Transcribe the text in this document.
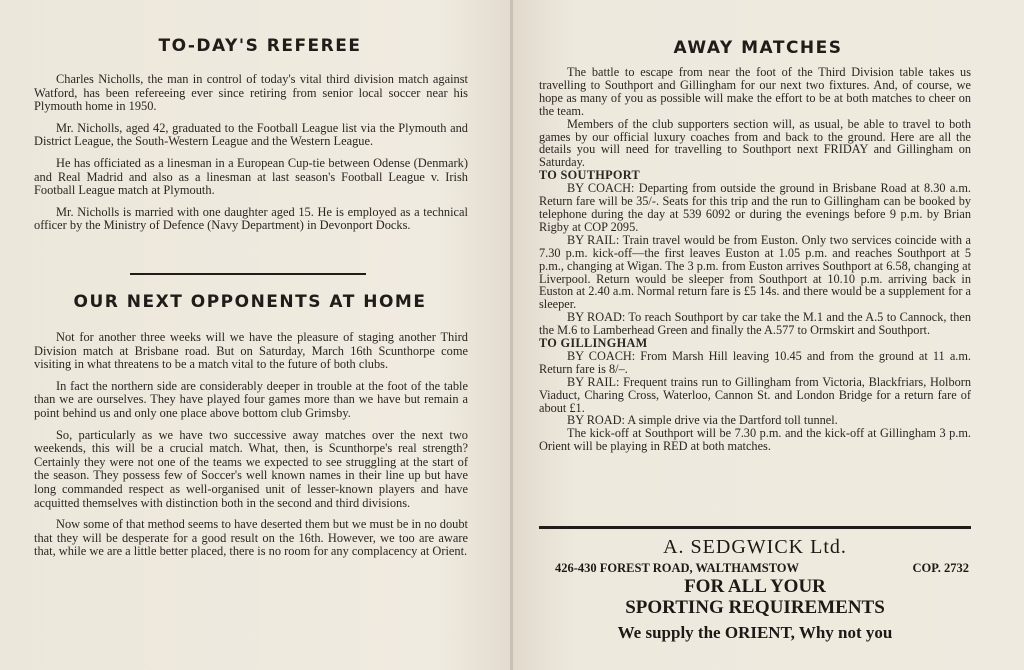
TO-DAY'S REFEREE

Charles Nicholls, the man in control of today's vital third division match against Watford, has been refereeing ever since retiring from senior local soccer near his Plymouth home in 1950.

Mr. Nicholls, aged 42, graduated to the Football League list via the Plymouth and District League, the South-Western League and the Western League.

He has officiated as a linesman in a European Cup-tie between Odense (Denmark) and Real Madrid and also as a linesman at last season's Football League v. Irish Football League match at Plymouth.

Mr. Nicholls is married with one daughter aged 15. He is employed as a technical officer by the Ministry of Defence (Navy Department) in Devonport Docks.

OUR NEXT OPPONENTS AT HOME

Not for another three weeks will we have the pleasure of staging another Third Division match at Brisbane road. But on Saturday, March 16th Scunthorpe come visiting in what threatens to be a match vital to the future of both clubs.

In fact the northern side are considerably deeper in trouble at the foot of the table than we are ourselves. They have played four games more than we have but remain a point behind us and only one place above bottom club Grimsby.

So, particularly as we have two successive away matches over the next two weekends, this will be a crucial match. What, then, is Scunthorpe's real strength? Certainly they were not one of the teams we expected to see struggling at the start of the season. They possess few of Soccer's well known names in their line up but have long commanded respect as well-organised unit of lesser-known players and have acquitted themselves with distinction both in the second and third divisions.

Now some of that method seems to have deserted them but we must be in no doubt that they will be desperate for a good result on the 16th. However, we too are aware that, while we are a little better placed, there is no room for any complacency at Orient.

AWAY MATCHES

The battle to escape from near the foot of the Third Division table takes us travelling to Southport and Gillingham for our next two fixtures. And, of course, we hope as many of you as possible will make the effort to be at both matches to cheer on the team.

Members of the club supporters section will, as usual, be able to travel to both games by our official luxury coaches from and back to the ground. Here are all the details you will need for travelling to Southport next FRIDAY and Gillingham on Saturday.

TO SOUTHPORT

BY COACH: Departing from outside the ground in Brisbane Road at 8.30 a.m. Return fare will be 35/-. Seats for this trip and the run to Gillingham can be booked by telephone during the day at 539 6092 or during the evenings before 9 p.m. by Brian Rigby at COP 2095.

BY RAIL: Train travel would be from Euston. Only two services coincide with a 7.30 p.m. kick-off—the first leaves Euston at 1.05 p.m. and reaches Southport at 5 p.m., changing at Wigan. The 3 p.m. from Euston arrives Southport at 6.58, changing at Liverpool. Return would be sleeper from Southport at 10.10 p.m. arriving back in Euston at 2.40 a.m. Normal return fare is £5 14s. and there would be a supplement for a sleeper.

BY ROAD: To reach Southport by car take the M.1 and the A.5 to Cannock, then the M.6 to Lamberhead Green and finally the A.577 to Ormskirt and Southport.

TO GILLINGHAM

BY COACH: From Marsh Hill leaving 10.45 and from the ground at 11 a.m. Return fare is 8/–.

BY RAIL: Frequent trains run to Gillingham from Victoria, Blackfriars, Holborn Viaduct, Charing Cross, Waterloo, Cannon St. and London Bridge for a return fare of about £1.

BY ROAD: A simple drive via the Dartford toll tunnel.

The kick-off at Southport will be 7.30 p.m. and the kick-off at Gillingham 3 p.m. Orient will be playing in RED at both matches.

A. SEDGWICK Ltd.
426-430 FOREST ROAD, WALTHAMSTOW	COP. 2732
FOR ALL YOUR
SPORTING REQUIREMENTS
We supply the ORIENT, Why not you
